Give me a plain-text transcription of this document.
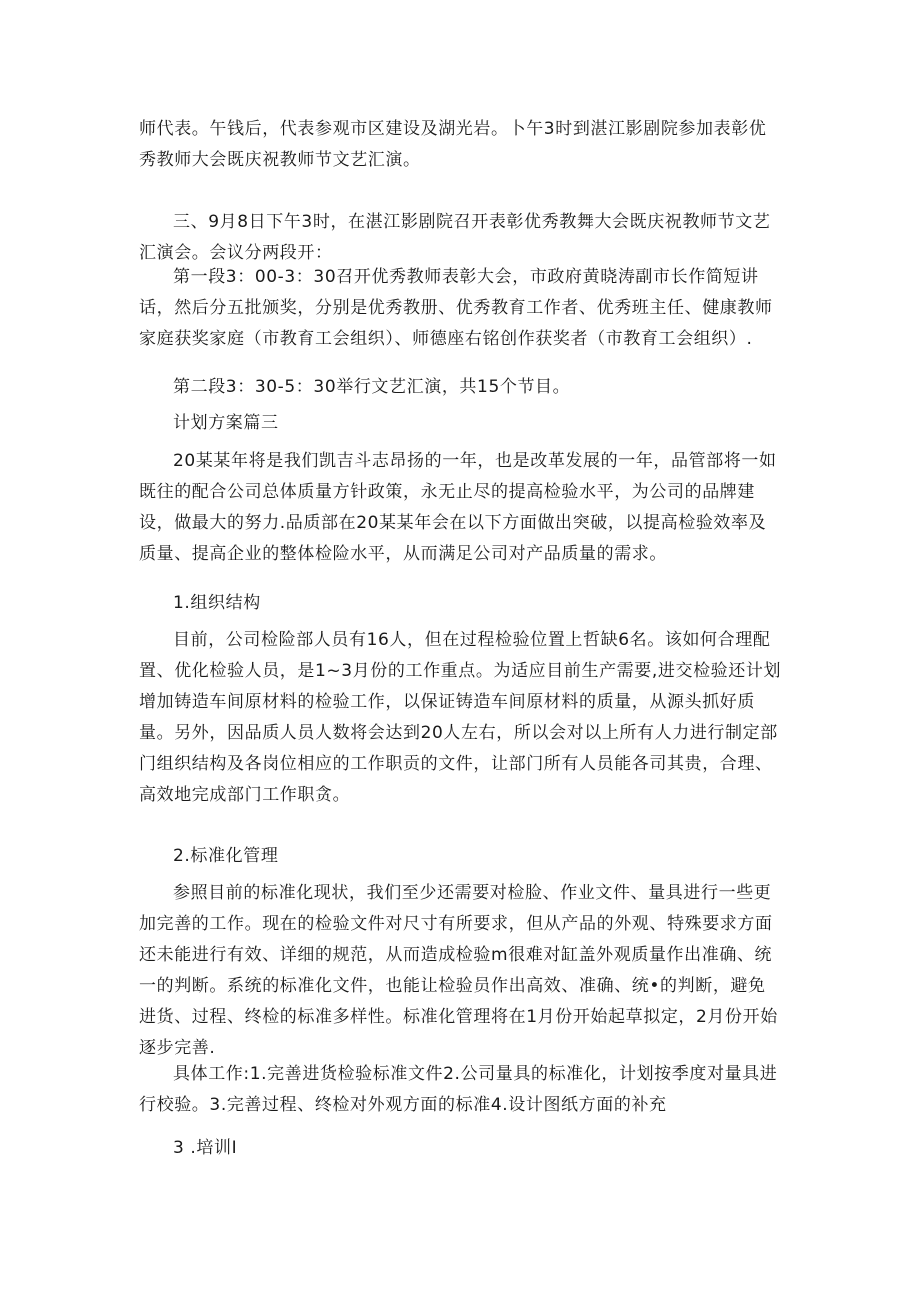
师代表。午钱后，代表参观市区建设及湖光岩。卜午3时到湛江影剧院参加表彰优秀教师大会既庆祝教师节文艺汇演。

三、9月8日下午3时，在湛江影剧院召开表彰优秀教舞大会既庆祝教师节文艺汇演会。会议分两段开：

第一段3：00-3：30召开优秀教师表彰大会，市政府黄晓涛副市长作简短讲话，然后分五批颁奖，分别是优秀教册、优秀教育工作者、优秀班主任、健康教师家庭获奖家庭（市教育工会组织）、师德座右铭创作获奖者（市教育工会组织）.

第二段3：30-5：30举行文艺汇演，共15个节目。

计划方案篇三

20某某年将是我们凯吉斗志昂扬的一年，也是改革发展的一年，品管部将一如既往的配合公司总体质量方针政策，永无止尽的提高检验水平，为公司的品牌建设，做最大的努力.品质部在20某某年会在以下方面做出突破，以提高检验效率及质量、提高企业的整体检险水平，从而满足公司对产品质量的需求。

1.组织结构

目前，公司检险部人员有16人，但在过程检验位置上哲缺6名。该如何合理配置、优化检验人员，是1~3月份的工作重点。为适应目前生产需要,进交检验还计划增加铸造车间原材料的检验工作，以保证铸造车间原材料的质量，从源头抓好质量。另外，因品质人员人数将会达到20人左右，所以会对以上所有人力进行制定部门组织结构及各岗位相应的工作职贡的文件，让部门所有人员能各司其贵，合理、高效地完成部门工作职贪。

2.标准化管理

参照目前的标准化现状，我们至少还需要对检脸、作业文件、量具进行一些更加完善的工作。现在的检验文件对尺寸有所要求，但从产品的外观、特殊要求方面还未能进行有效、详细的规范，从而造成检验m很难对缸盖外观质量作出准确、统一的判断。系统的标准化文件，也能让检验员作出高效、准确、统•的判断，避免进货、过程、终检的标准多样性。标准化管理将在1月份开始起草拟定，2月份开始逐步完善.

具体工作:1.完善进货检验标准文件2.公司量具的标准化，计划按季度对量具进行校验。3.完善过程、终检对外观方面的标准4.设计图纸方面的补充

3 .培训I
